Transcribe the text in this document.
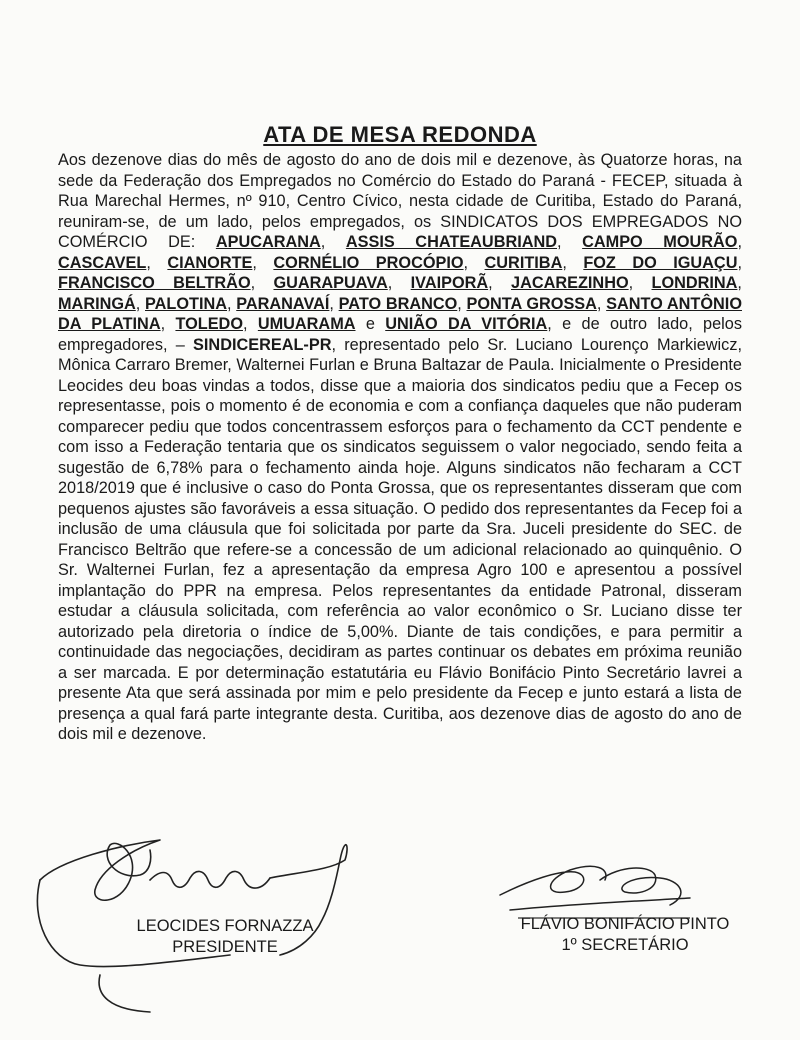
ATA DE MESA REDONDA
Aos dezenove dias do mês de agosto do ano de dois mil e dezenove, às Quatorze horas, na sede da Federação dos Empregados no Comércio do Estado do Paraná - FECEP, situada à Rua Marechal Hermes, nº 910, Centro Cívico, nesta cidade de Curitiba, Estado do Paraná, reuniram-se, de um lado, pelos empregados, os SINDICATOS DOS EMPREGADOS NO COMÉRCIO DE: APUCARANA, ASSIS CHATEAUBRIAND, CAMPO MOURÃO, CASCAVEL, CIANORTE, CORNÉLIO PROCÓPIO, CURITIBA, FOZ DO IGUAÇU, FRANCISCO BELTRÃO, GUARAPUAVA, IVAIPORÃ, JACAREZINHO, LONDRINA, MARINGÁ, PALOTINA, PARANAVAÍ, PATO BRANCO, PONTA GROSSA, SANTO ANTÔNIO DA PLATINA, TOLEDO, UMUARAMA e UNIÃO DA VITÓRIA, e de outro lado, pelos empregadores, – SINDICEREAL-PR, representado pelo Sr. Luciano Lourenço Markiewicz, Mônica Carraro Bremer, Walternei Furlan e Bruna Baltazar de Paula. Inicialmente o Presidente Leocides deu boas vindas a todos, disse que a maioria dos sindicatos pediu que a Fecep os representasse, pois o momento é de economia e com a confiança daqueles que não puderam comparecer pediu que todos concentrassem esforços para o fechamento da CCT pendente e com isso a Federação tentaria que os sindicatos seguissem o valor negociado, sendo feita a sugestão de 6,78% para o fechamento ainda hoje. Alguns sindicatos não fecharam a CCT 2018/2019 que é inclusive o caso do Ponta Grossa, que os representantes disseram que com pequenos ajustes são favoráveis a essa situação. O pedido dos representantes da Fecep foi a inclusão de uma cláusula que foi solicitada por parte da Sra. Juceli presidente do SEC. de Francisco Beltrão que refere-se a concessão de um adicional relacionado ao quinquênio. O Sr. Walternei Furlan, fez a apresentação da empresa Agro 100 e apresentou a possível implantação do PPR na empresa. Pelos representantes da entidade Patronal, disseram estudar a cláusula solicitada, com referência ao valor econômico o Sr. Luciano disse ter autorizado pela diretoria o índice de 5,00%. Diante de tais condições, e para permitir a continuidade das negociações, decidiram as partes continuar os debates em próxima reunião a ser marcada. E por determinação estatutária eu Flávio Bonifácio Pinto Secretário lavrei a presente Ata que será assinada por mim e pelo presidente da Fecep e junto estará a lista de presença a qual fará parte integrante desta. Curitiba, aos dezenove dias de agosto do ano de dois mil e dezenove.
LEOCIDES FORNAZZA
PRESIDENTE
FLÁVIO BONIFÁCIO PINTO
1º SECRETÁRIO
